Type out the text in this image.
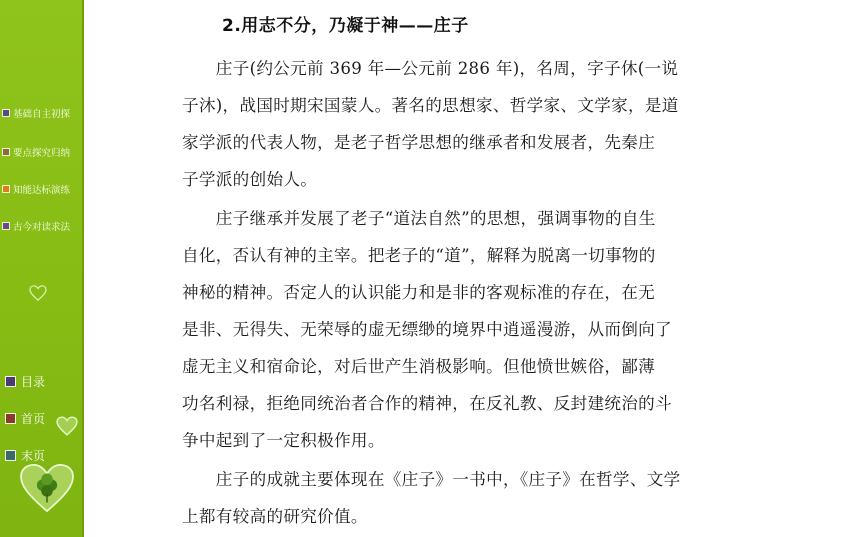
基础自主初探
要点探究归纳
知能达标演练
古今对读求法
目录
首页
末页
2.用志不分，乃凝于神——庄子
　　庄子(约公元前 369 年—公元前 286 年)，名周，字子休(一说
子沐)，战国时期宋国蒙人。著名的思想家、哲学家、文学家，是道
家学派的代表人物，是老子哲学思想的继承者和发展者，先秦庄
子学派的创始人。
　　庄子继承并发展了老子“道法自然”的思想，强调事物的自生
自化，否认有神的主宰。把老子的“道”，解释为脱离一切事物的
神秘的精神。否定人的认识能力和是非的客观标准的存在，在无
是非、无得失、无荣辱的虚无缥缈的境界中逍遥漫游，从而倒向了
虚无主义和宿命论，对后世产生消极影响。但他愤世嫉俗，鄙薄
功名利禄，拒绝同统治者合作的精神，在反礼教、反封建统治的斗
争中起到了一定积极作用。
　　庄子的成就主要体现在《庄子》一书中，《庄子》在哲学、文学
上都有较高的研究价值。
